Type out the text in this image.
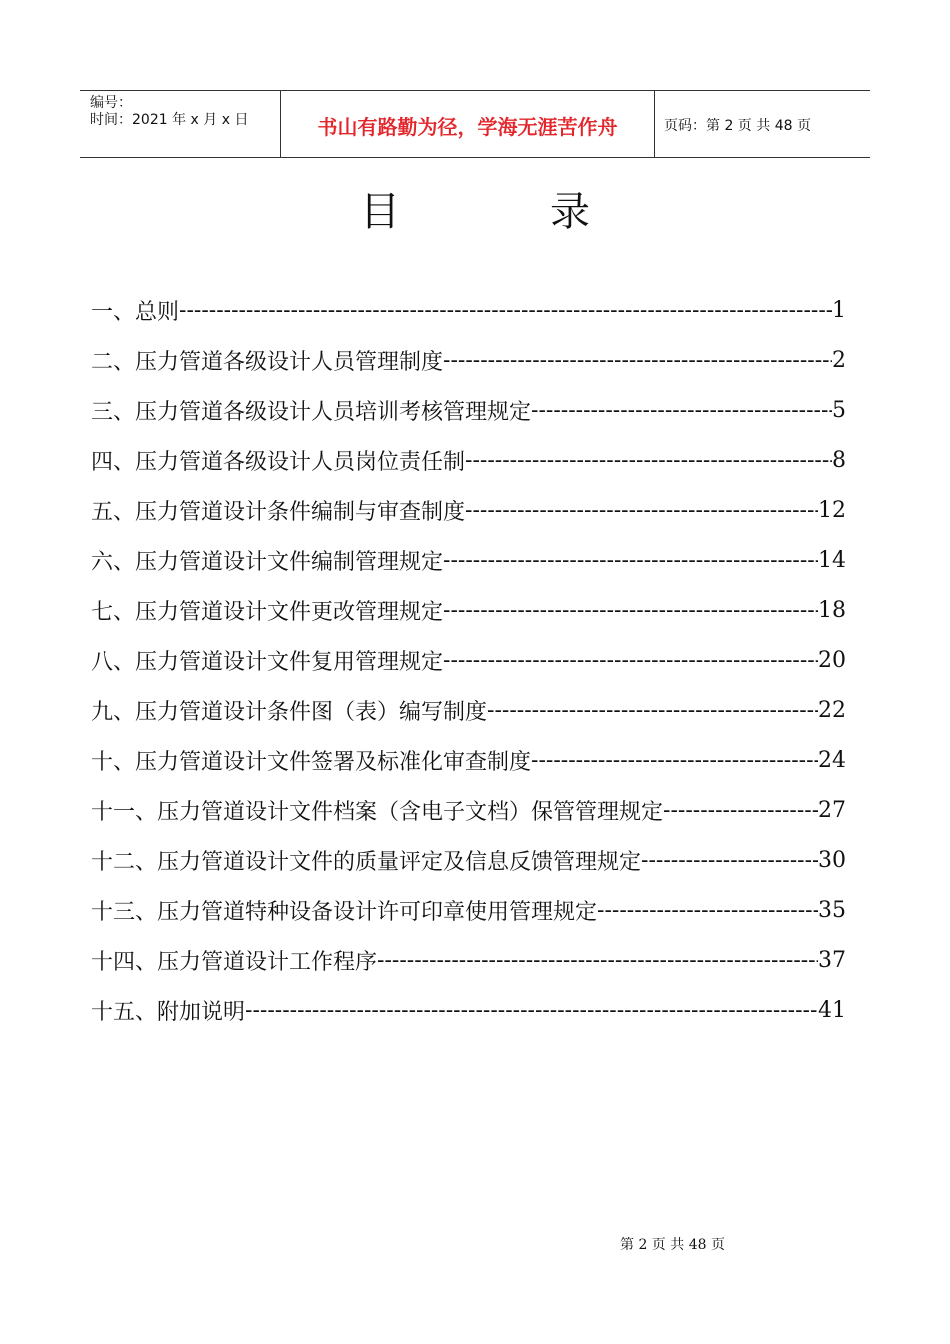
编号：
时间：2021 年 x 月 x 日	书山有路勤为径，学海无涯苦作舟	页码：第 2 页 共 48 页
目	录
一、 总则 -----	1
二、 压力管道各级设计人员管理制度 -----	2
三、 压力管道各级设计人员培训考核管理规定 -----	5
四、 压力管道各级设计人员岗位责任制 -----	8
五、 压力管道设计条件编制与审查制度 -----	12
六、 压力管道设计文件编制管理规定 -----	14
七、 压力管道设计文件更改管理规定 -----	18
八、 压力管道设计文件复用管理规定 -----	20
九、 压力管道设计条件图（表）编写制度 -----	22
十、 压力管道设计文件签署及标准化审查制度 -----	24
十一、 压力管道设计文件档案（含电子文档）保管管理规定 -----	27
十二、 压力管道设计文件的质量评定及信息反馈管理规定 -----	30
十三、 压力管道特种设备设计许可印章使用管理规定 -----	35
十四、 压力管道设计工作程序 -----	37
十五、 附加说明 -----	41
第 2 页 共 48 页
